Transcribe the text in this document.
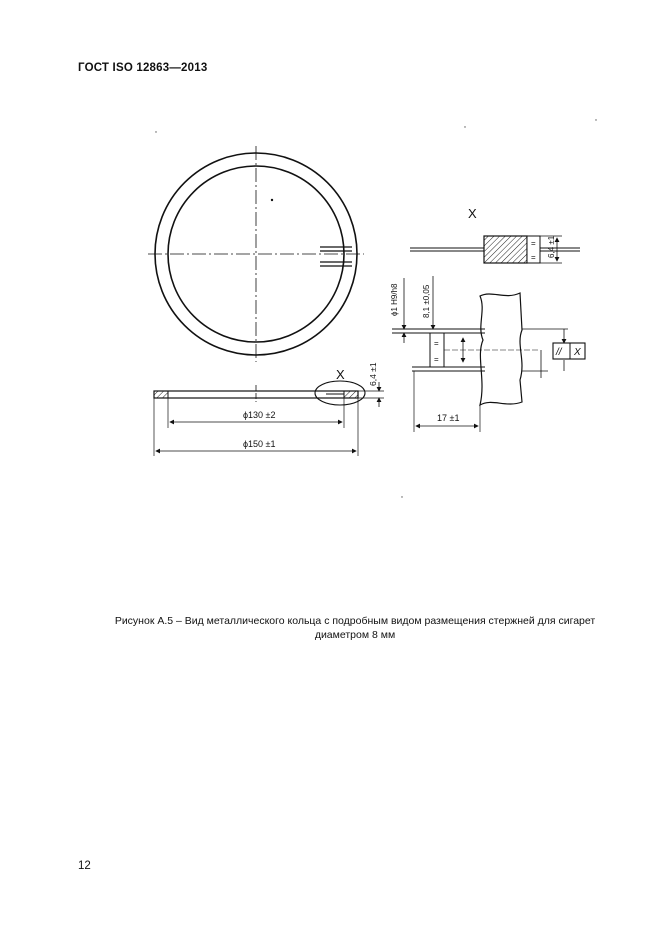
ГОСТ ISO 12863—2013
X	6,4 ±1
ϕ130 ±2
ϕ150 ±1
X
=
= 6,4 ±1
=
=
ϕ1 H9/h8	8,1 ±0,05
17 ±1
// X
Рисунок А.5 – Вид металлического кольца с подробным видом размещения стержней для сигарет
диаметром 8 мм
12
